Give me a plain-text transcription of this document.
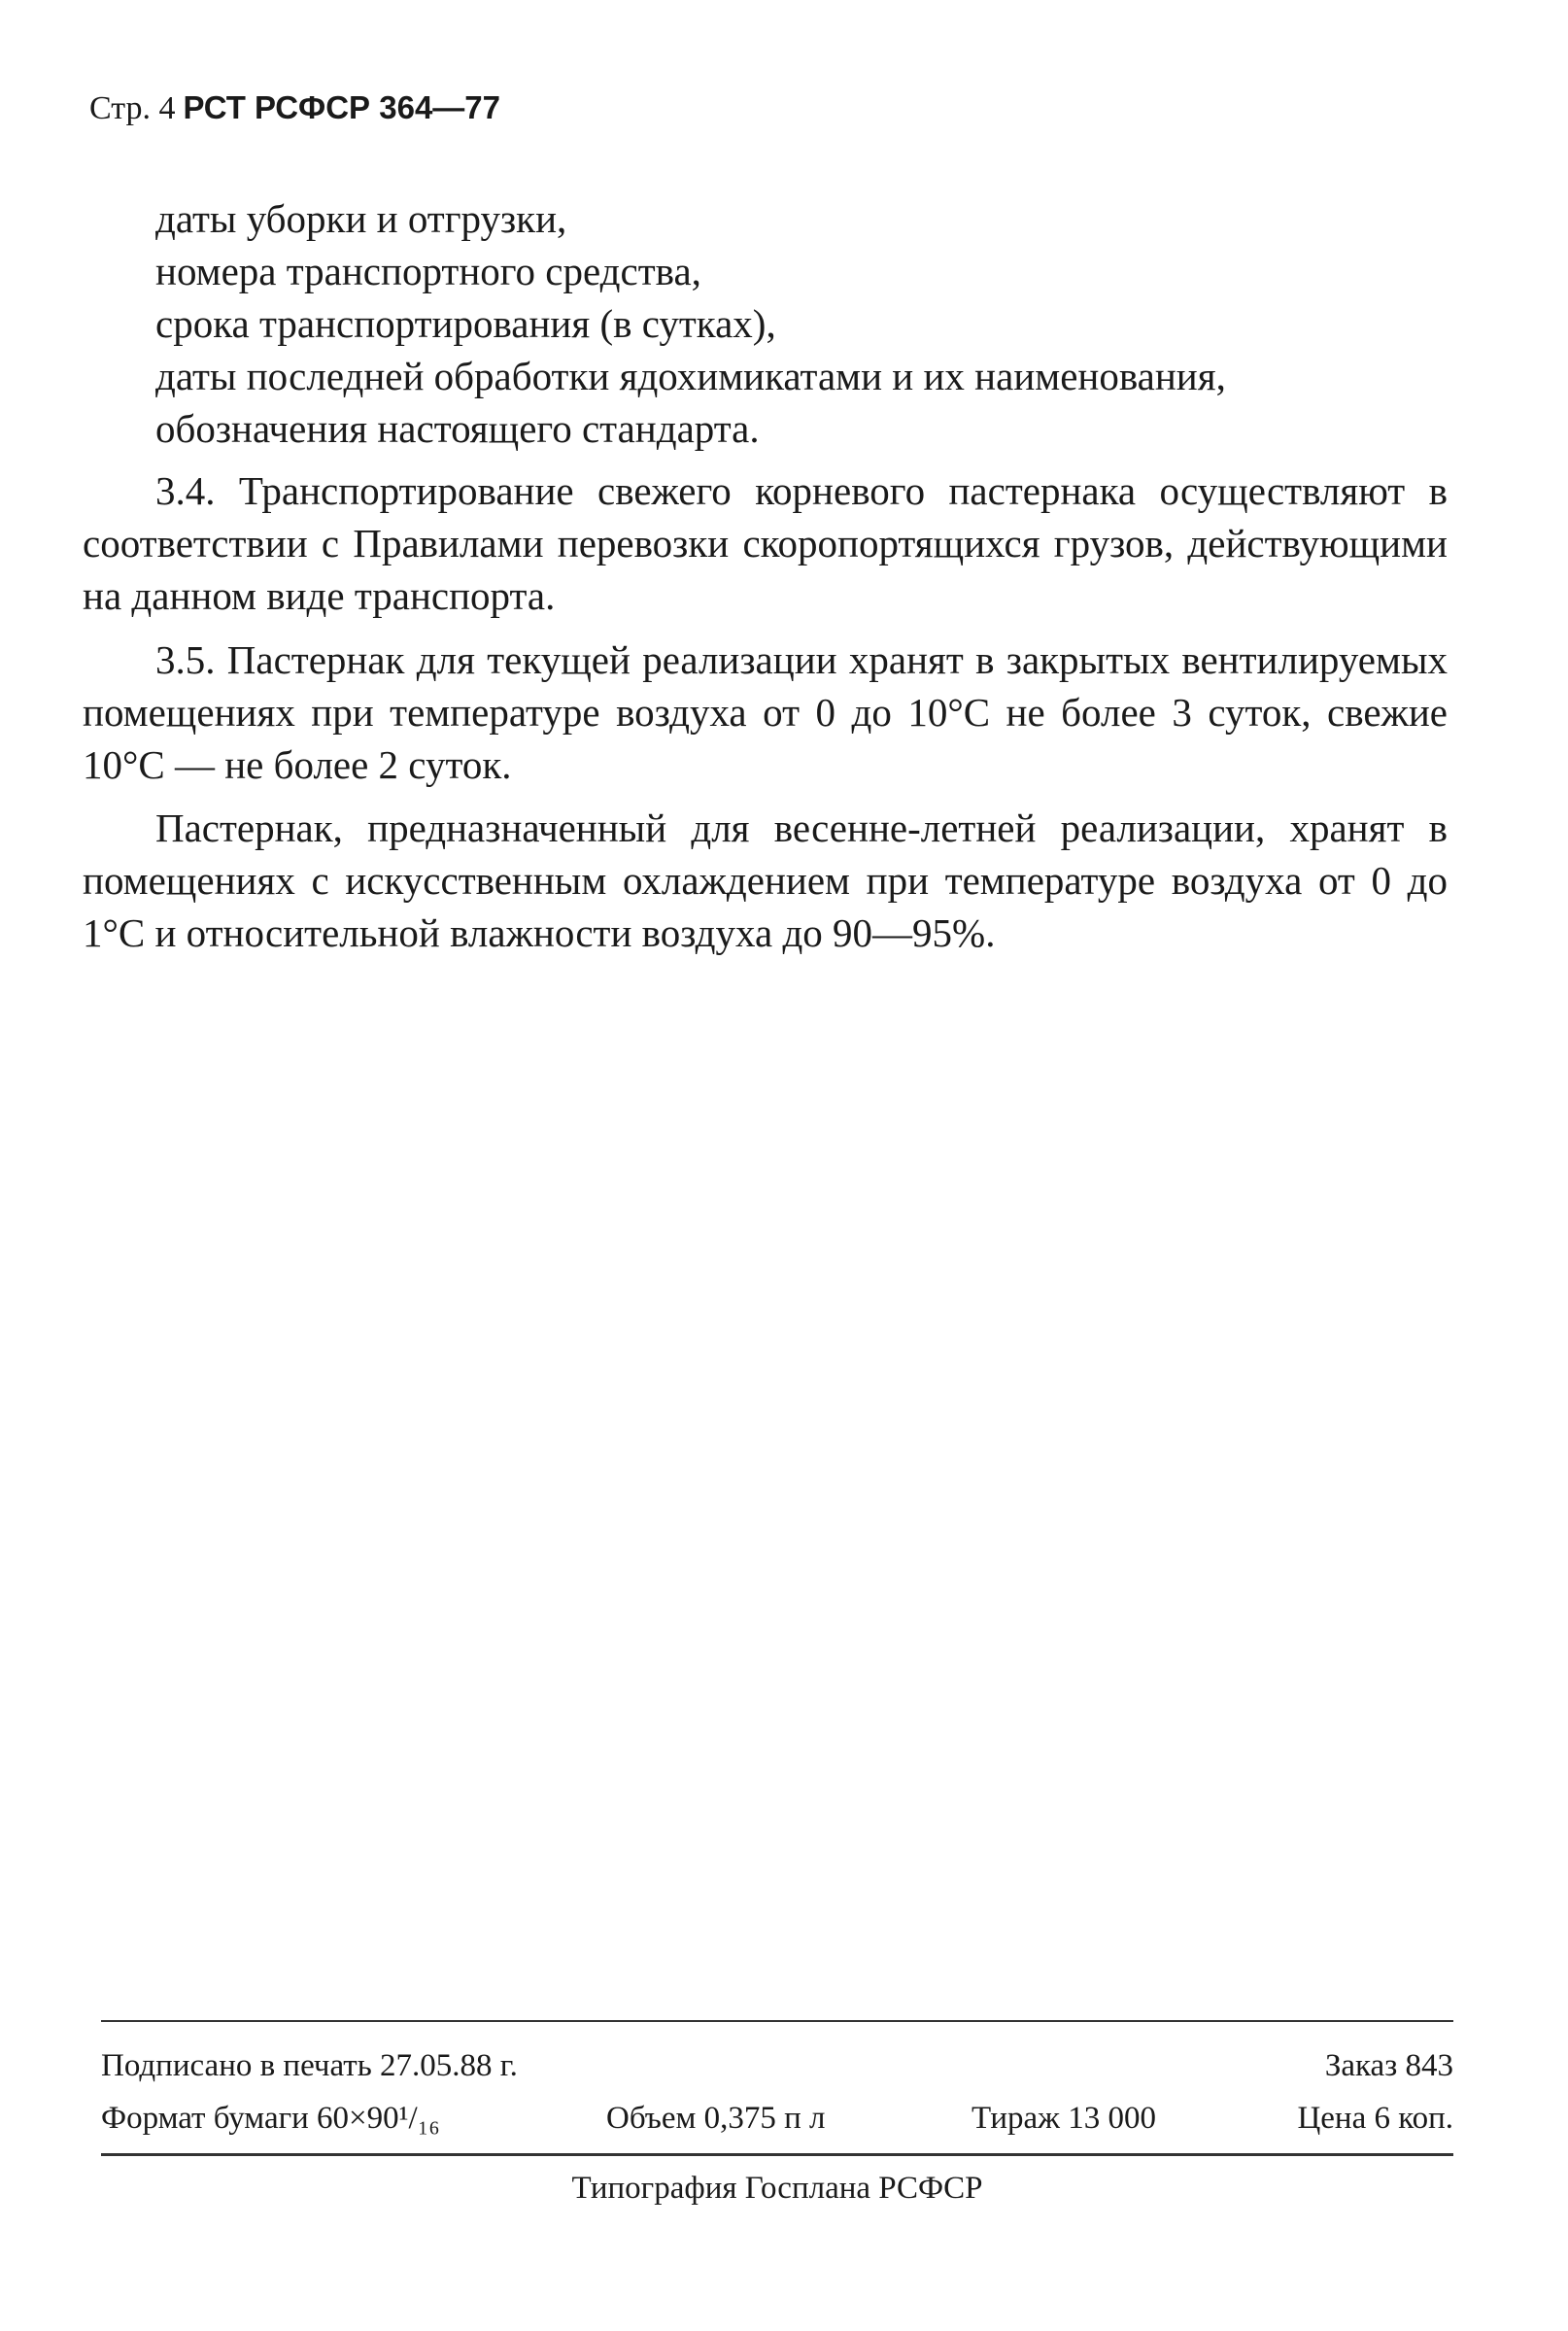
Стр. 4 РСТ РСФСР 364—77
даты уборки и отгрузки,
номера транспортного средства,
срока транспортирования (в сутках),
даты последней обработки ядохимикатами и их наименования,
обозначения настоящего стандарта.
3.4. Транспортирование свежего корневого пастернака осуществляют в соответствии с Правилами перевозки скоропортящихся грузов, действующими на данном виде транспорта.
3.5. Пастернак для текущей реализации хранят в закрытых вентилируемых помещениях при температуре воздуха от 0 до 10°С не более 3 суток, свежие 10°С — не более 2 суток.
Пастернак, предназначенный для весенне-летней реализации, хранят в помещениях с искусственным охлаждением при температуре воздуха от 0 до 1°С и относительной влажности воздуха до 90—95%.
Подписано в печать 27.05.88 г.	Заказ 843
Формат бумаги 60×90¹/₁₆	Объем 0,375 п л	Тираж 13 000	Цена 6 коп.
Типография Госплана РСФСР
